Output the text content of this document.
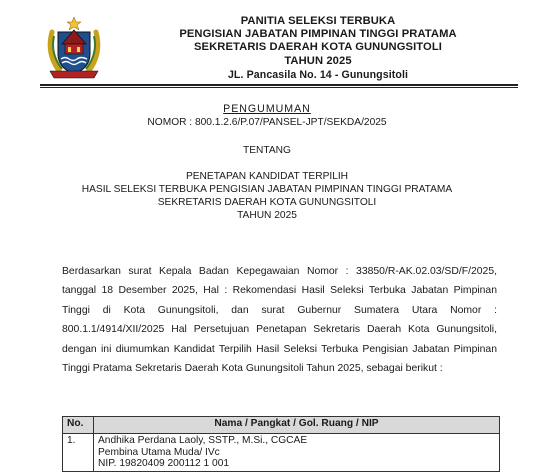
PANITIA SELEKSI TERBUKA
PENGISIAN JABATAN PIMPINAN TINGGI PRATAMA
SEKRETARIS DAERAH KOTA GUNUNGSITOLI
TAHUN 2025
JL. Pancasila No. 14 - Gunungsitoli
PENGUMUMAN
NOMOR : 800.1.2.6/P.07/PANSEL-JPT/SEKDA/2025
TENTANG
PENETAPAN KANDIDAT TERPILIH
HASIL SELEKSI TERBUKA PENGISIAN JABATAN PIMPINAN TINGGI PRATAMA
SEKRETARIS DAERAH KOTA GUNUNGSITOLI
TAHUN 2025
Berdasarkan surat Kepala Badan Kepegawaian Nomor : 33850/R-AK.02.03/SD/F/2025, tanggal 18 Desember 2025, Hal : Rekomendasi Hasil Seleksi Terbuka Jabatan Pimpinan Tinggi di Kota Gunungsitoli, dan surat Gubernur Sumatera Utara Nomor : 800.1.1/4914/XII/2025 Hal Persetujuan Penetapan Sekretaris Daerah Kota Gunungsitoli, dengan ini diumumkan Kandidat Terpilih Hasil Seleksi Terbuka Pengisian Jabatan Pimpinan Tinggi Pratama Sekretaris Daerah Kota Gunungsitoli Tahun 2025, sebagai berikut :
No.	Nama / Pangkat / Gol. Ruang / NIP
1.	Andhika Perdana Laoly, SSTP., M.Si., CGCAE
Pembina Utama Muda/ IVc
NIP. 19820409 200112 1 001
